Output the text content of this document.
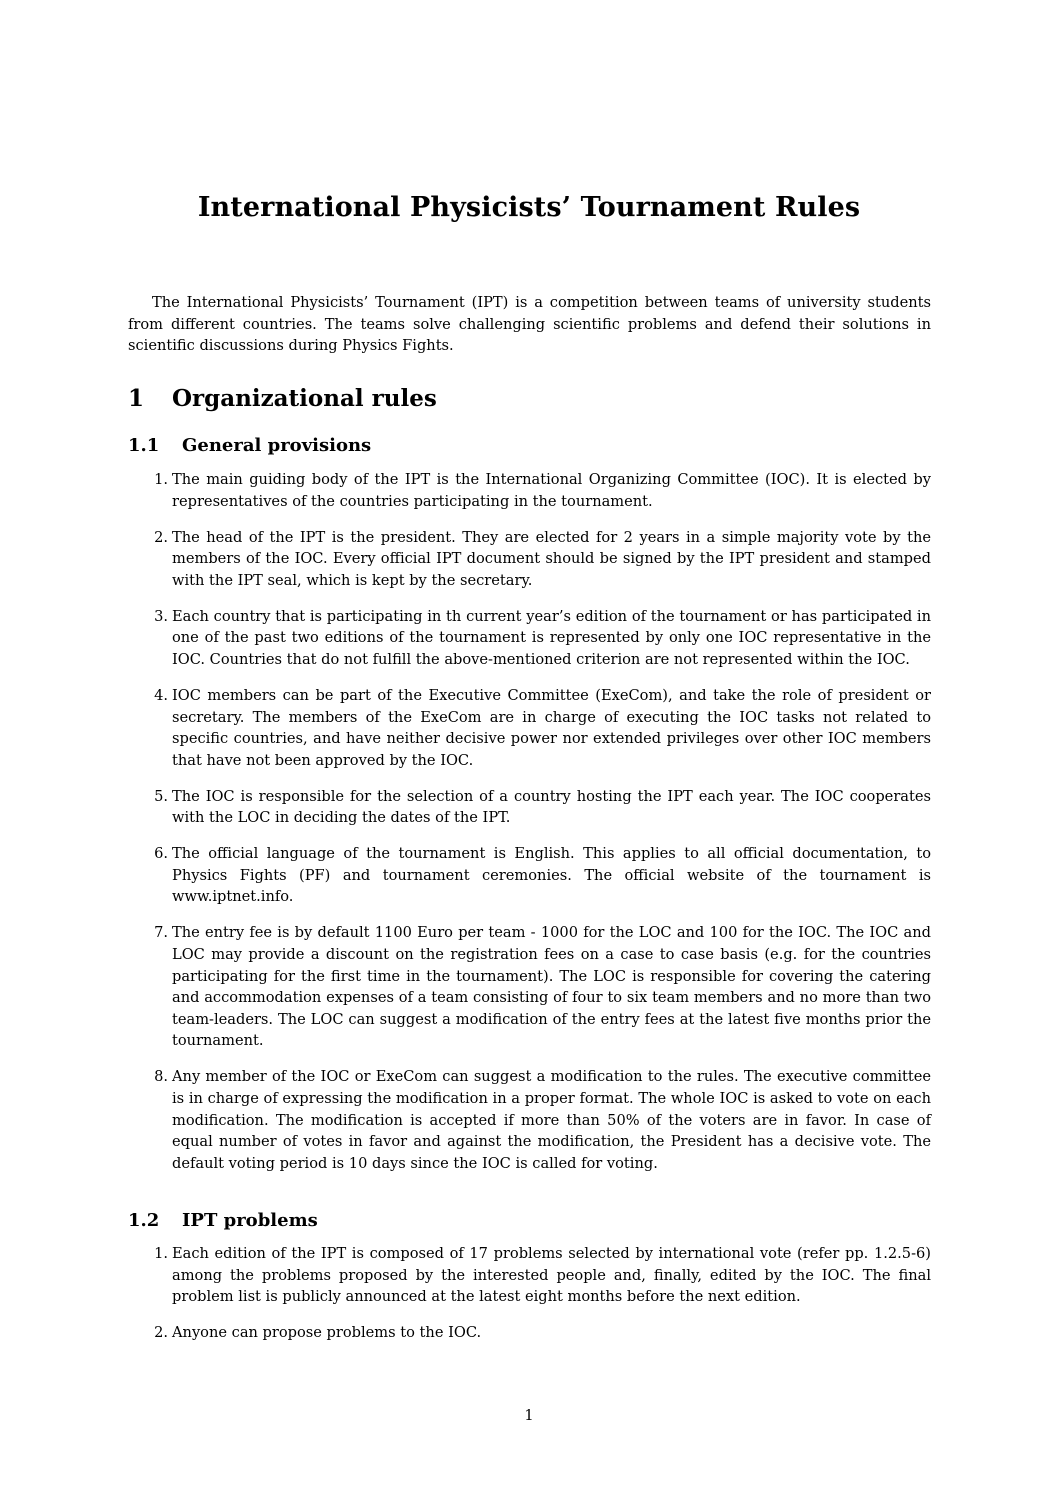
International Physicists’ Tournament Rules
The International Physicists’ Tournament (IPT) is a competition between teams of university students from different countries. The teams solve challenging scientific problems and defend their solutions in scientific discussions during Physics Fights.
1 Organizational rules
1.1 General provisions
1. The main guiding body of the IPT is the International Organizing Committee (IOC). It is elected by representatives of the countries participating in the tournament.
2. The head of the IPT is the president. They are elected for 2 years in a simple majority vote by the members of the IOC. Every official IPT document should be signed by the IPT president and stamped with the IPT seal, which is kept by the secretary.
3. Each country that is participating in th current year’s edition of the tournament or has participated in one of the past two editions of the tournament is represented by only one IOC representative in the IOC. Countries that do not fulfill the above-mentioned criterion are not represented within the IOC.
4. IOC members can be part of the Executive Committee (ExeCom), and take the role of president or secretary. The members of the ExeCom are in charge of executing the IOC tasks not related to specific countries, and have neither decisive power nor extended privileges over other IOC members that have not been approved by the IOC.
5. The IOC is responsible for the selection of a country hosting the IPT each year. The IOC cooperates with the LOC in deciding the dates of the IPT.
6. The official language of the tournament is English. This applies to all official documentation, to Physics Fights (PF) and tournament ceremonies. The official website of the tournament is www.iptnet.info.
7. The entry fee is by default 1100 Euro per team - 1000 for the LOC and 100 for the IOC. The IOC and LOC may provide a discount on the registration fees on a case to case basis (e.g. for the countries participating for the first time in the tournament). The LOC is responsible for covering the catering and accommodation expenses of a team consisting of four to six team members and no more than two team-leaders. The LOC can suggest a modification of the entry fees at the latest five months prior the tournament.
8. Any member of the IOC or ExeCom can suggest a modification to the rules. The executive committee is in charge of expressing the modification in a proper format. The whole IOC is asked to vote on each modification. The modification is accepted if more than 50% of the voters are in favor. In case of equal number of votes in favor and against the modification, the President has a decisive vote. The default voting period is 10 days since the IOC is called for voting.
1.2 IPT problems
1. Each edition of the IPT is composed of 17 problems selected by international vote (refer pp. 1.2.5-6) among the problems proposed by the interested people and, finally, edited by the IOC. The final problem list is publicly announced at the latest eight months before the next edition.
2. Anyone can propose problems to the IOC.
1
